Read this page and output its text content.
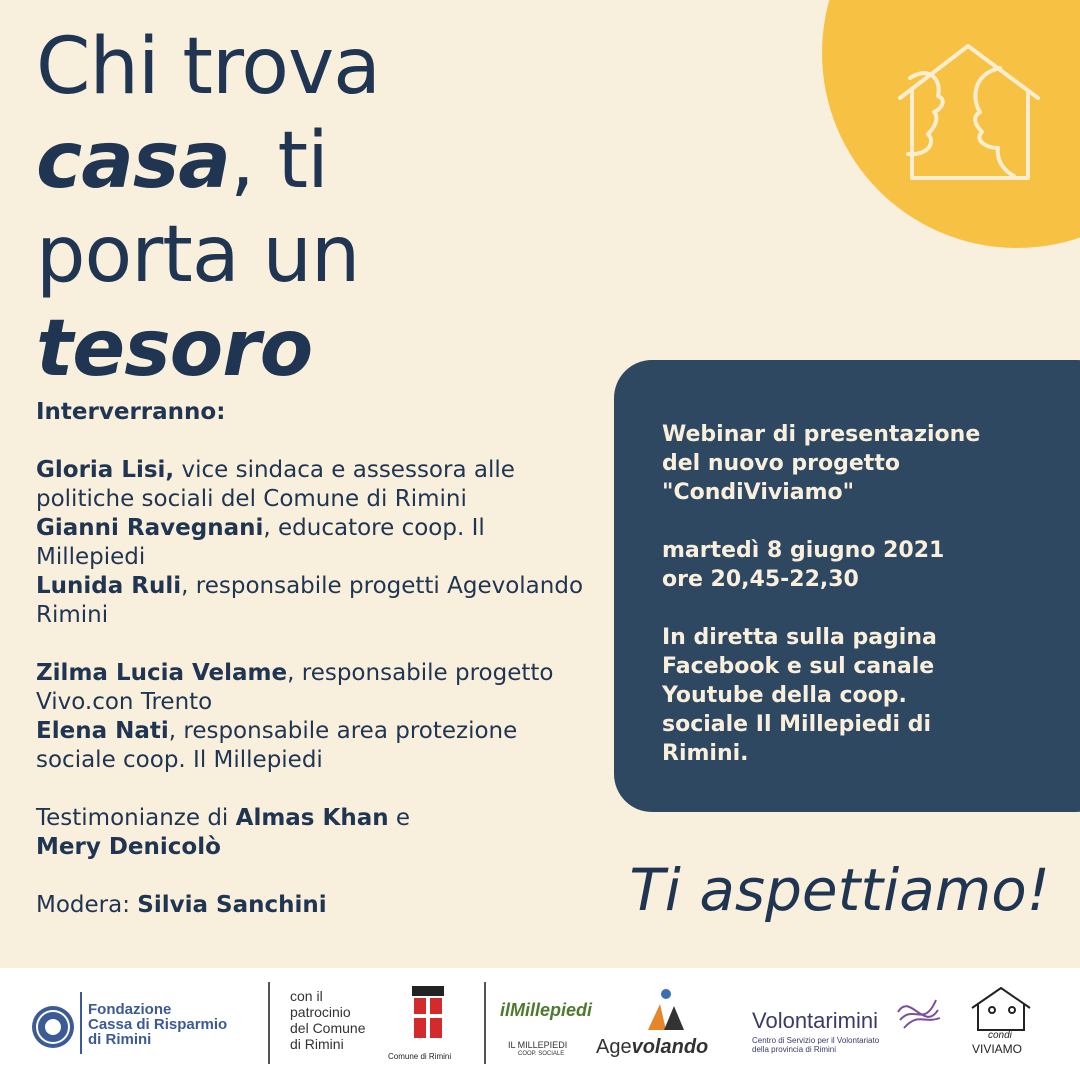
Chi trova
casa, ti
porta un
tesoro
Interverranno:
Gloria Lisi, vice sindaca e assessora alle politiche sociali del Comune di Rimini
Gianni Ravegnani, educatore coop. Il Millepiedi
Lunida Ruli, responsabile progetti Agevolando Rimini
Zilma Lucia Velame, responsabile progetto Vivo.con Trento
Elena Nati, responsabile area protezione sociale coop. Il Millepiedi
Testimonianze di Almas Khan e
Mery Denicolò
Modera: Silvia Sanchini
Webinar di presentazione
del nuovo progetto
"CondiViviamo"
martedì 8 giugno 2021
ore 20,45-22,30
In diretta sulla pagina
Facebook e sul canale
Youtube della coop.
sociale Il Millepiedi di
Rimini.
Ti aspettiamo!
Fondazione
Cassa di Risparmio
di Rimini
con il
patrocinio
del Comune
di Rimini
Comune di Rimini
ilMillepiedi
IL MILLEPIEDI
COOP. SOCIALE Agevolando
Volontarimini
Centro di Servizio per il Volontariato
della provincia di Rimini
condi
VIVIAMO
